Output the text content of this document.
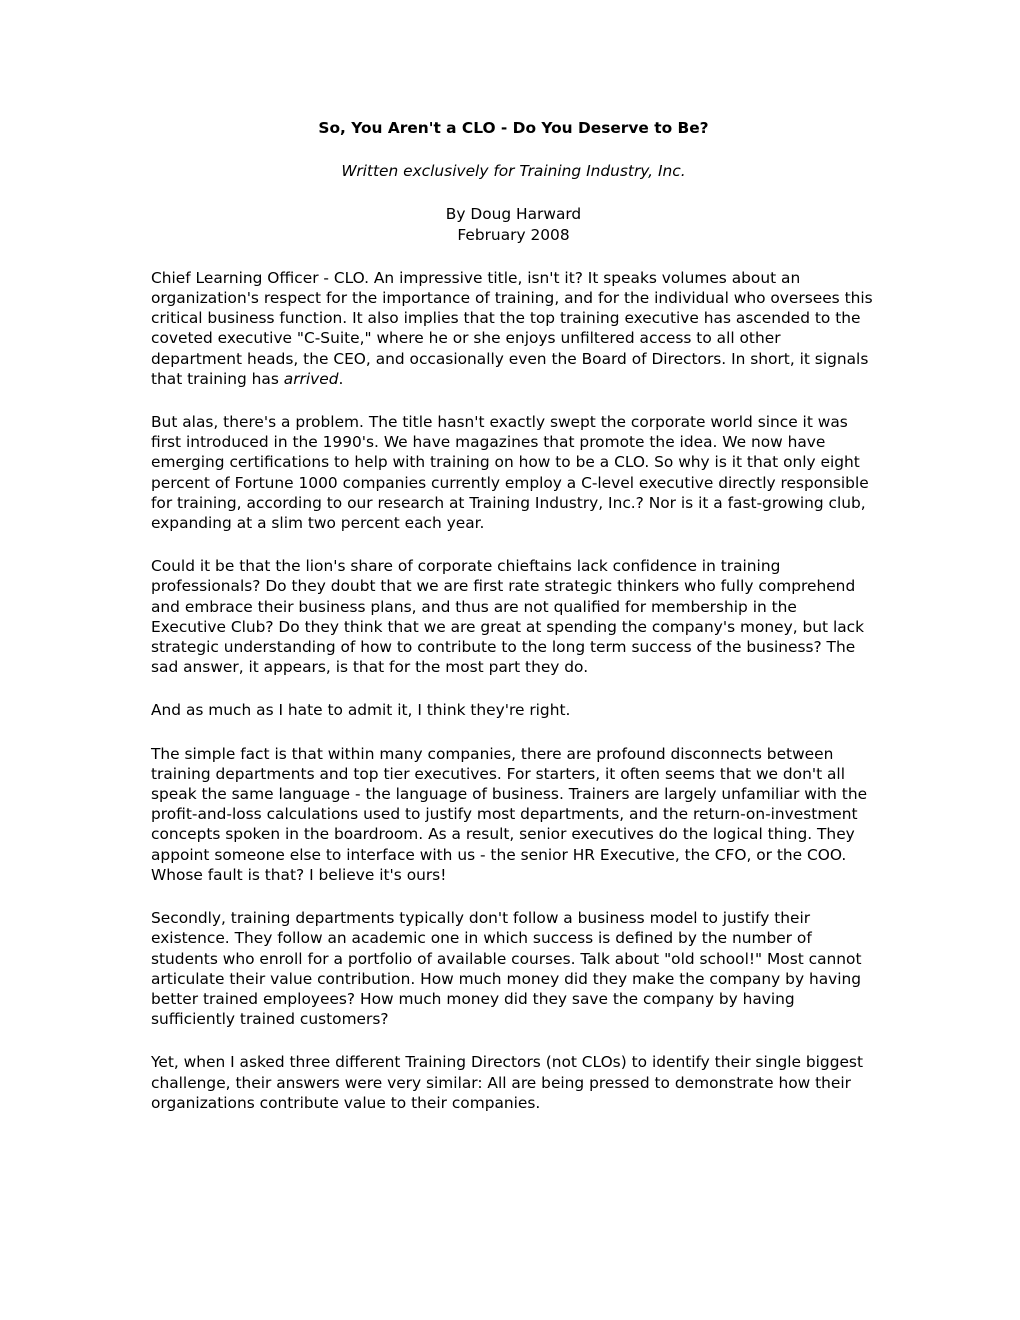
So, You Aren't a CLO - Do You Deserve to Be?
Written exclusively for Training Industry, Inc.
By Doug Harward
February 2008

Chief Learning Officer - CLO. An impressive title, isn't it? It speaks volumes about an organization's respect for the importance of training, and for the individual who oversees this critical business function. It also implies that the top training executive has ascended to the coveted executive "C-Suite," where he or she enjoys unfiltered access to all other department heads, the CEO, and occasionally even the Board of Directors. In short, it signals that training has arrived.

But alas, there's a problem. The title hasn't exactly swept the corporate world since it was first introduced in the 1990's. We have magazines that promote the idea. We now have emerging certifications to help with training on how to be a CLO. So why is it that only eight percent of Fortune 1000 companies currently employ a C-level executive directly responsible for training, according to our research at Training Industry, Inc.? Nor is it a fast-growing club, expanding at a slim two percent each year.

Could it be that the lion's share of corporate chieftains lack confidence in training professionals? Do they doubt that we are first rate strategic thinkers who fully comprehend and embrace their business plans, and thus are not qualified for membership in the Executive Club? Do they think that we are great at spending the company's money, but lack strategic understanding of how to contribute to the long term success of the business? The sad answer, it appears, is that for the most part they do.

And as much as I hate to admit it, I think they're right.

The simple fact is that within many companies, there are profound disconnects between training departments and top tier executives. For starters, it often seems that we don't all speak the same language - the language of business. Trainers are largely unfamiliar with the profit-and-loss calculations used to justify most departments, and the return-on-investment concepts spoken in the boardroom. As a result, senior executives do the logical thing. They appoint someone else to interface with us - the senior HR Executive, the CFO, or the COO. Whose fault is that? I believe it's ours!

Secondly, training departments typically don't follow a business model to justify their existence. They follow an academic one in which success is defined by the number of students who enroll for a portfolio of available courses. Talk about "old school!" Most cannot articulate their value contribution. How much money did they make the company by having better trained employees? How much money did they save the company by having sufficiently trained customers?

Yet, when I asked three different Training Directors (not CLOs) to identify their single biggest challenge, their answers were very similar: All are being pressed to demonstrate how their organizations contribute value to their companies.
